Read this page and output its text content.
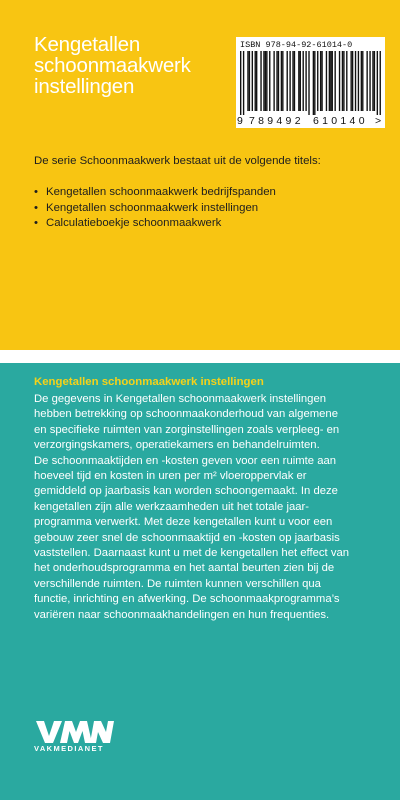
Kengetallen
schoonmaakwerk
instellingen
ISBN 978-94-92-61014-0
9 789492 610140 >
De serie Schoonmaakwerk bestaat uit de volgende titels:
• Kengetallen schoonmaakwerk bedrijfspanden
• Kengetallen schoonmaakwerk instellingen
• Calculatieboekje schoonmaakwerk
Kengetallen schoonmaakwerk instellingen
De gegevens in Kengetallen schoonmaakwerk instellingen
hebben betrekking op schoonmaakonderhoud van algemene
en specifieke ruimten van zorginstellingen zoals verpleeg- en
verzorgingskamers, operatiekamers en behandelruimten.
De schoonmaaktijden en -kosten geven voor een ruimte aan
hoeveel tijd en kosten in uren per m² vloeroppervlak er
gemiddeld op jaarbasis kan worden schoongemaakt. In deze
kengetallen zijn alle werkzaamheden uit het totale jaar-
programma verwerkt. Met deze kengetallen kunt u voor een
gebouw zeer snel de schoonmaaktijd en -kosten op jaarbasis
vaststellen. Daarnaast kunt u met de kengetallen het effect van
het onderhoudsprogramma en het aantal beurten zien bij de
verschillende ruimten. De ruimten kunnen verschillen qua
functie, inrichting en afwerking. De schoonmaakprogramma’s
variëren naar schoonmaakhandelingen en hun frequenties.
VAKMEDIANET
